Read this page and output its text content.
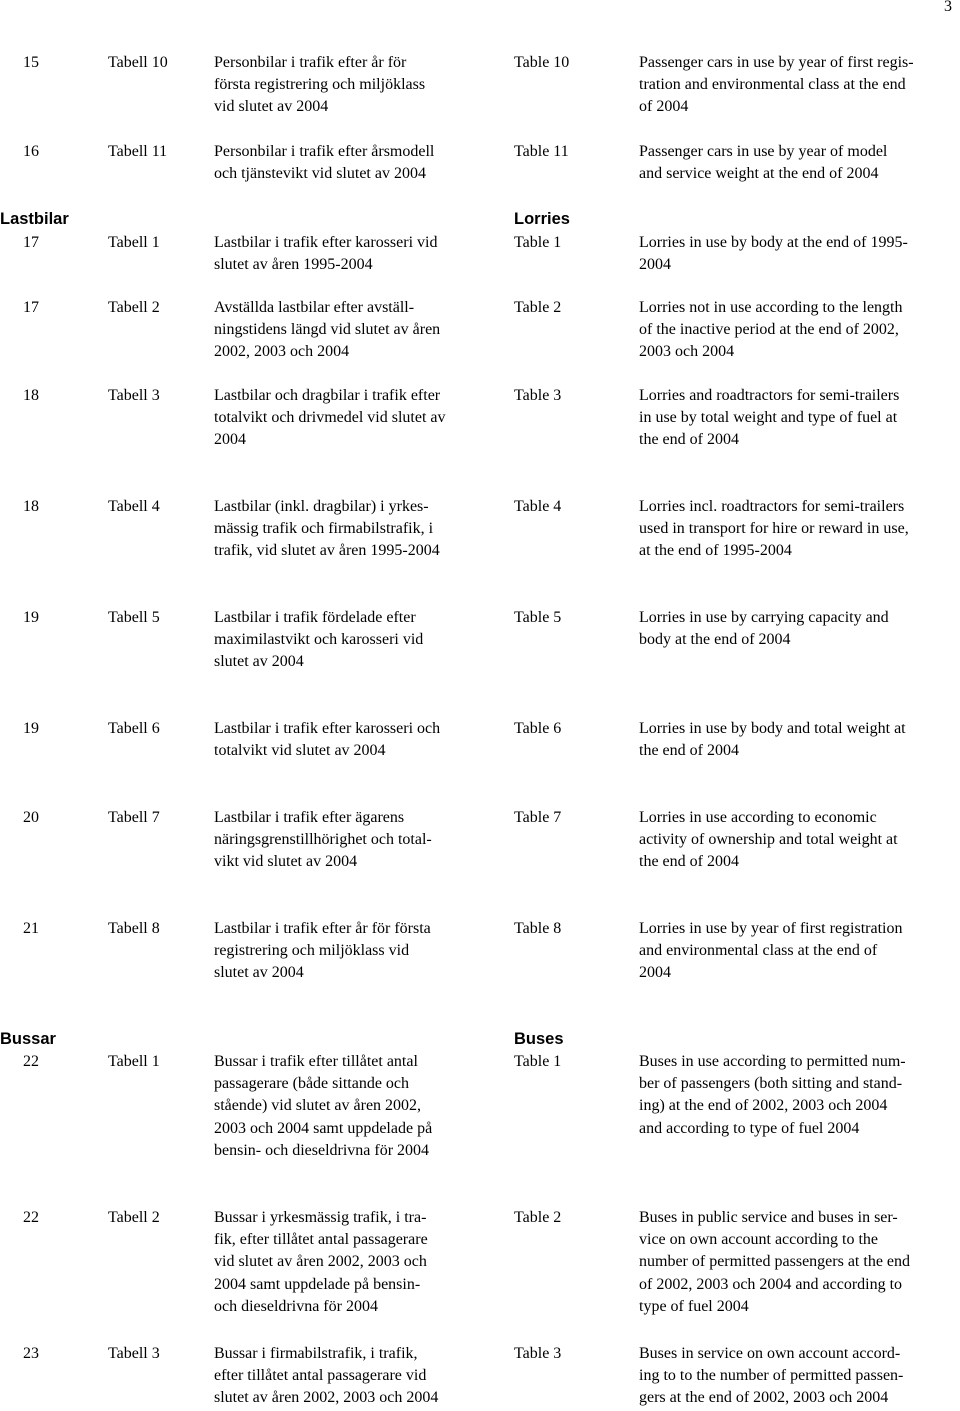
3
15	Tabell 10	Personbilar i trafik efter år för
första registrering och miljöklass
vid slutet av 2004
Table 10	Passenger cars in use by year of first regis-
tration and environmental class at the end
of 2004
16	Tabell 11	Personbilar i trafik efter årsmodell
och tjänstevikt vid slutet av 2004
Table 11	Passenger cars in use by year of model
and service weight at the end of 2004
Lastbilar	Lorries
17	Tabell 1	Lastbilar i trafik efter karosseri vid
slutet av åren 1995-2004
Table 1	Lorries in use by body at the end of 1995-
2004
17	Tabell 2	Avställda lastbilar efter avställ-
ningstidens längd vid slutet av åren
2002, 2003 och 2004
Table 2	Lorries not in use according to the length
of the inactive period at the end of 2002,
2003 och 2004
18	Tabell 3	Lastbilar och dragbilar i trafik efter
totalvikt och drivmedel vid slutet av
2004
Table 3	Lorries and roadtractors for semi-trailers
in use by total weight and type of fuel at
the end of 2004
18	Tabell 4	Lastbilar (inkl. dragbilar) i yrkes-
mässig trafik och firmabilstrafik, i
trafik, vid slutet av åren 1995-2004
Table 4	Lorries incl. roadtractors for semi-trailers
used in transport for hire or reward in use,
at the end of 1995-2004
19	Tabell 5	Lastbilar i trafik fördelade efter
maximilastvikt och karosseri vid
slutet av 2004
Table 5	Lorries in use by carrying capacity and
body at the end of 2004
19	Tabell 6	Lastbilar i trafik efter karosseri och
totalvikt vid slutet av 2004
Table 6	Lorries in use by body and total weight at
the end of 2004
20	Tabell 7	Lastbilar i trafik efter ägarens
näringsgrenstillhörighet och total-
vikt vid slutet av 2004
Table 7	Lorries in use according to economic
activity of ownership and total weight at
the end of 2004
21	Tabell 8	Lastbilar i trafik efter år för första
registrering och miljöklass vid
slutet av 2004
Table 8	Lorries in use by year of first registration
and environmental class at the end of
2004
Bussar	Buses
22	Tabell 1	Bussar i trafik efter tillåtet antal
passagerare (både sittande och
stående) vid slutet av åren 2002,
2003 och 2004 samt uppdelade på
bensin- och dieseldrivna för 2004
Table 1	Buses in use according to permitted num-
ber of passengers (both sitting and stand-
ing) at the end of 2002, 2003 och 2004
and according to type of fuel 2004
22	Tabell 2	Bussar i yrkesmässig trafik, i tra-
fik, efter tillåtet antal passagerare
vid slutet av åren 2002, 2003 och
2004 samt uppdelade på bensin-
och dieseldrivna för 2004
Table 2	Buses in public service and buses in ser-
vice on own account according to the
number of permitted passengers at the end
of 2002, 2003 och 2004 and according to
type of fuel 2004
23	Tabell 3	Bussar i firmabilstrafik, i trafik,
efter tillåtet antal passagerare vid
slutet av åren 2002, 2003 och 2004
Table 3	Buses in service on own account accord-
ing to to the number of permitted passen-
gers at the end of 2002, 2003 och 2004
